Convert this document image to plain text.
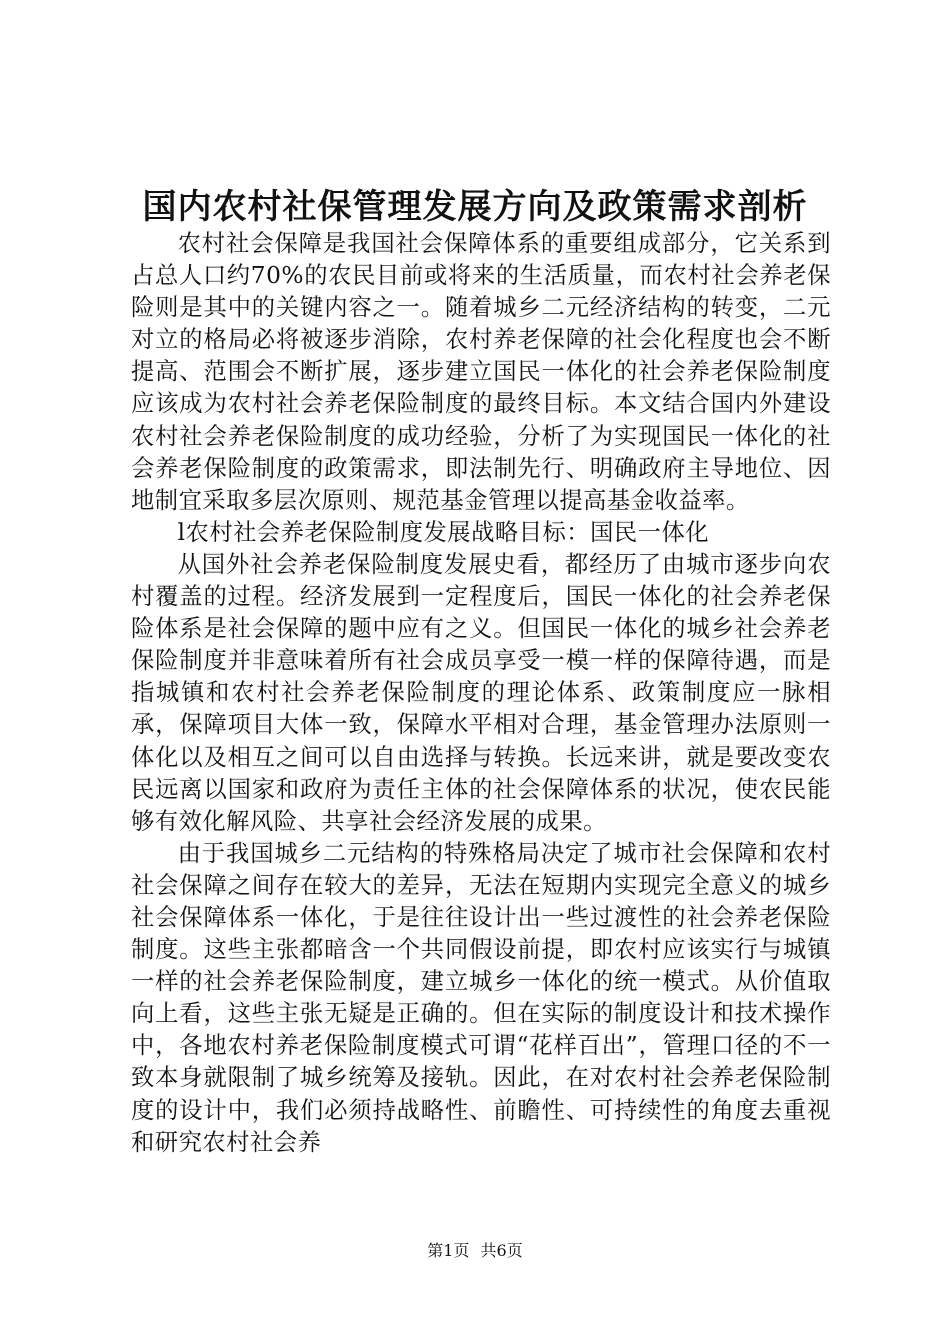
国内农村社保管理发展方向及政策需求剖析

农村社会保障是我国社会保障体系的重要组成部分，它关系到占总人口约70%的农民目前或将来的生活质量，而农村社会养老保险则是其中的关键内容之一。随着城乡二元经济结构的转变，二元对立的格局必将被逐步消除，农村养老保障的社会化程度也会不断提高、范围会不断扩展，逐步建立国民一体化的社会养老保险制度应该成为农村社会养老保险制度的最终目标。本文结合国内外建设农村社会养老保险制度的成功经验，分析了为实现国民一体化的社会养老保险制度的政策需求，即法制先行、明确政府主导地位、因地制宜采取多层次原则、规范基金管理以提高基金收益率。

l农村社会养老保险制度发展战略目标：国民一体化

从国外社会养老保险制度发展史看，都经历了由城市逐步向农村覆盖的过程。经济发展到一定程度后，国民一体化的社会养老保险体系是社会保障的题中应有之义。但国民一体化的城乡社会养老保险制度并非意味着所有社会成员享受一模一样的保障待遇，而是指城镇和农村社会养老保险制度的理论体系、政策制度应一脉相承，保障项目大体一致，保障水平相对合理，基金管理办法原则一体化以及相互之间可以自由选择与转换。长远来讲，就是要改变农民远离以国家和政府为责任主体的社会保障体系的状况，使农民能够有效化解风险、共享社会经济发展的成果。

由于我国城乡二元结构的特殊格局决定了城市社会保障和农村社会保障之间存在较大的差异，无法在短期内实现完全意义的城乡社会保障体系一体化，于是往往设计出一些过渡性的社会养老保险制度。这些主张都暗含一个共同假设前提，即农村应该实行与城镇一样的社会养老保险制度，建立城乡一体化的统一模式。从价值取向上看，这些主张无疑是正确的。但在实际的制度设计和技术操作中，各地农村养老保险制度模式可谓“花样百出”，管理口径的不一致本身就限制了城乡统筹及接轨。因此，在对农村社会养老保险制度的设计中，我们必须持战略性、前瞻性、可持续性的角度去重视和研究农村社会养

第1页 共6页
